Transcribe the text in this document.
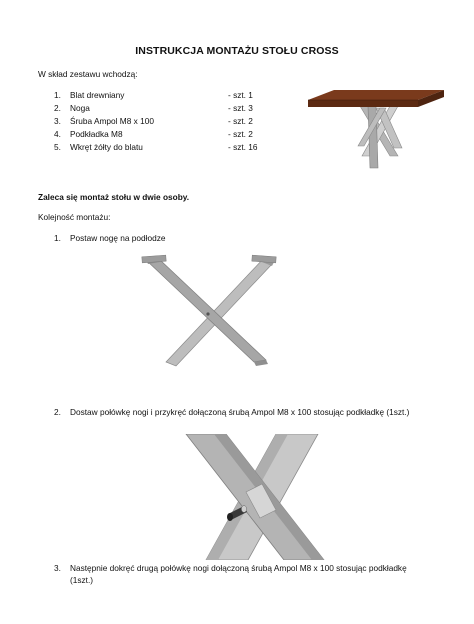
INSTRUKCJA MONTAŻU STOŁU CROSS
W skład zestawu wchodzą:
1.	Blat drewniany	- szt. 1
2.	Noga	- szt. 3
3.	Śruba Ampol M8 x 100	- szt. 2
4.	Podkładka M8	- szt. 2
5.	Wkręt żółty do blatu	- szt. 16
Zaleca się montaż stołu w dwie osoby.
Kolejność montażu:
1. Postaw nogę na podłodze
2. Dostaw połówkę nogi i przykręć dołączoną śrubą Ampol M8 x 100 stosując podkładkę (1szt.)
3. Następnie dokręć drugą połówkę nogi dołączoną śrubą Ampol M8 x 100 stosując podkładkę
(1szt.)
